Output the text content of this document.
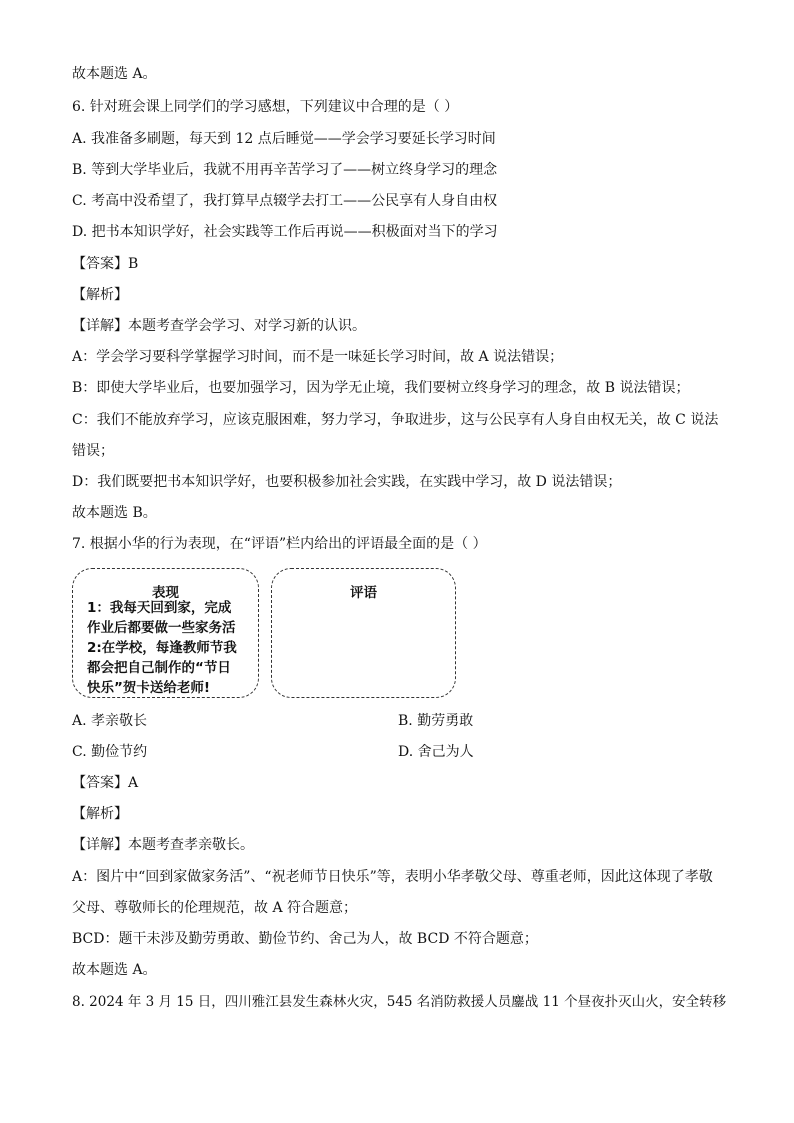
故本题选 A。
6. 针对班会课上同学们的学习感想，下列建议中合理的是（ ）
A. 我准备多刷题，每天到 12 点后睡觉——学会学习要延长学习时间
B. 等到大学毕业后，我就不用再辛苦学习了——树立终身学习的理念
C. 考高中没希望了，我打算早点辍学去打工——公民享有人身自由权
D. 把书本知识学好，社会实践等工作后再说——积极面对当下的学习
【答案】B
【解析】
【详解】本题考查学会学习、对学习新的认识。
A：学会学习要科学掌握学习时间，而不是一味延长学习时间，故 A 说法错误；
B：即使大学毕业后，也要加强学习，因为学无止境，我们要树立终身学习的理念，故 B 说法错误；
C：我们不能放弃学习，应该克服困难，努力学习，争取进步，这与公民享有人身自由权无关，故 C 说法
错误；
D：我们既要把书本知识学好，也要积极参加社会实践，在实践中学习，故 D 说法错误；
故本题选 B。
7. 根据小华的行为表现，在“评语”栏内给出的评语最全面的是（ ）
表现
1：我每天回到家，完成
作业后都要做一些家务活
2:在学校，每逢教师节我
都会把自己制作的“节日
快乐”贺卡送给老师!
评语
A. 孝亲敬长	B. 勤劳勇敢
C. 勤俭节约	D. 舍己为人
【答案】A
【解析】
【详解】本题考查孝亲敬长。
A：图片中“回到家做家务活”、“祝老师节日快乐”等，表明小华孝敬父母、尊重老师，因此这体现了孝敬
父母、尊敬师长的伦理规范，故 A 符合题意；
BCD：题干未涉及勤劳勇敢、勤俭节约、舍己为人，故 BCD 不符合题意；
故本题选 A。
8. 2024 年 3 月 15 日，四川雅江县发生森林火灾，545 名消防救援人员鏖战 11 个昼夜扑灭山火，安全转移
